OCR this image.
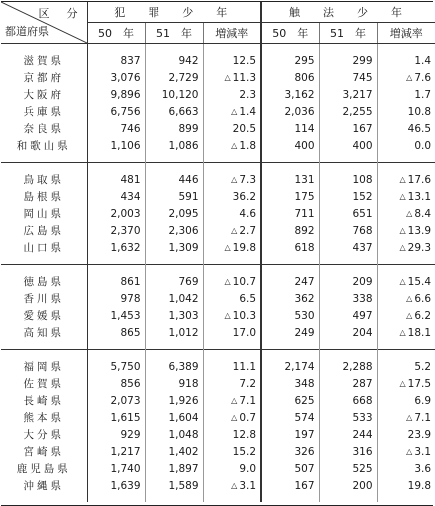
区　分
都道府県	犯　罪　少　年			触　法　少　年		
	50　年	51　年	増減率	50　年	51　年	増減率

滋賀県	837	942	12.5	295	299	1.4
京都府	3,076	2,729	△ 11.3	806	745	△ 7.6
大阪府	9,896	10,120	2.3	3,162	3,217	1.7
兵庫県	6,756	6,663	△ 1.4	2,036	2,255	10.8
奈良県	746	899	20.5	114	167	46.5
和歌山県	1,106	1,086	△ 1.8	400	400	0.0

鳥取県	481	446	△ 7.3	131	108	△ 17.6
島根県	434	591	36.2	175	152	△ 13.1
岡山県	2,003	2,095	4.6	711	651	△ 8.4
広島県	2,370	2,306	△ 2.7	892	768	△ 13.9
山口県	1,632	1,309	△ 19.8	618	437	△ 29.3

徳島県	861	769	△ 10.7	247	209	△ 15.4
香川県	978	1,042	6.5	362	338	△ 6.6
愛媛県	1,453	1,303	△ 10.3	530	497	△ 6.2
高知県	865	1,012	17.0	249	204	△ 18.1

福岡県	5,750	6,389	11.1	2,174	2,288	5.2
佐賀県	856	918	7.2	348	287	△ 17.5
長崎県	2,073	1,926	△ 7.1	625	668	6.9
熊本県	1,615	1,604	△ 0.7	574	533	△ 7.1
大分県	929	1,048	12.8	197	244	23.9
宮崎県	1,217	1,402	15.2	326	316	△ 3.1
鹿児島県	1,740	1,897	9.0	507	525	3.6
沖縄県	1,639	1,589	△ 3.1	167	200	19.8
